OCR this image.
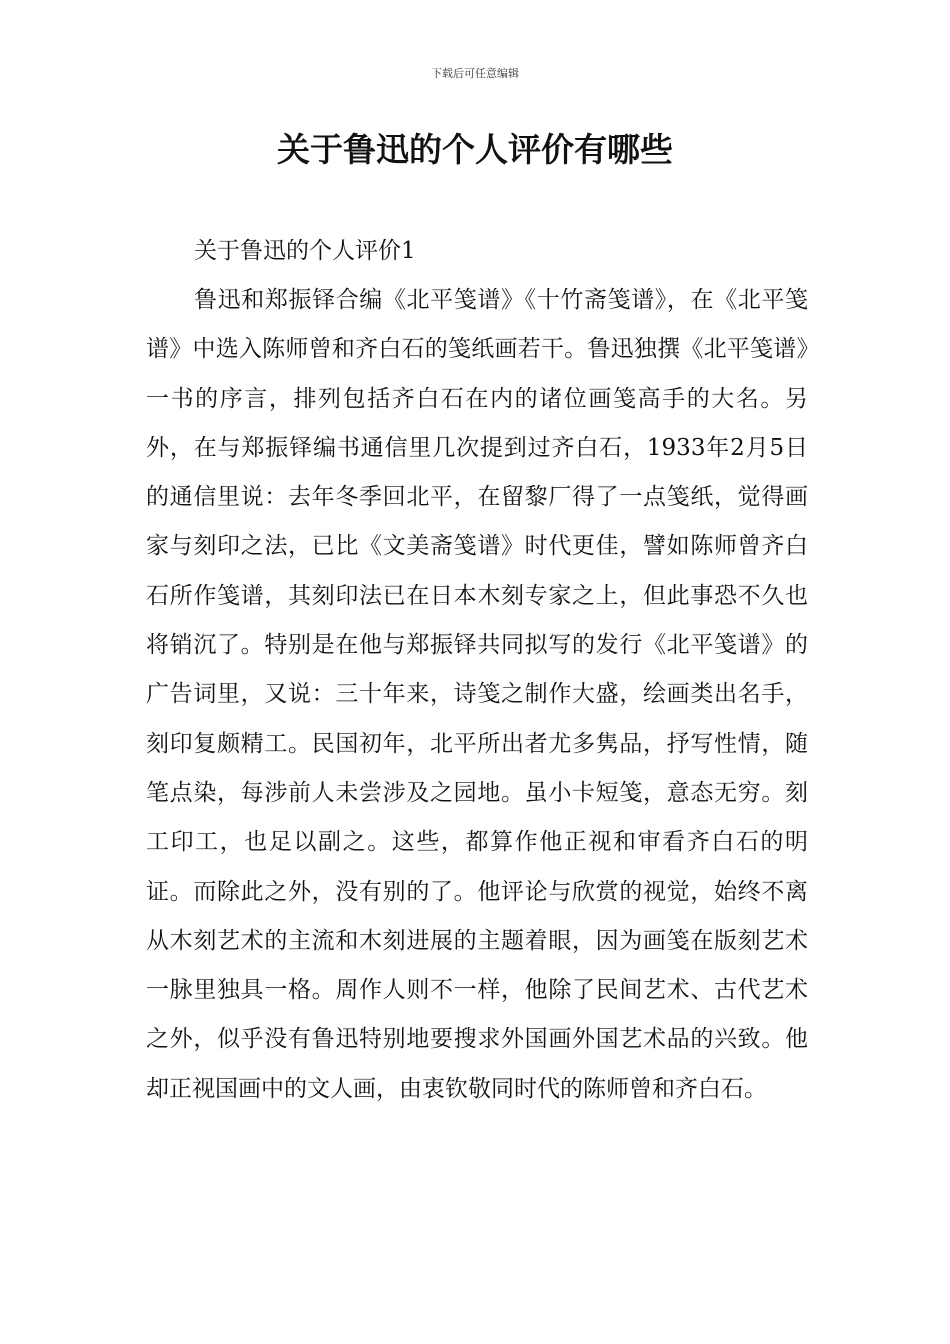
下载后可任意编辑
关于鲁迅的个人评价有哪些

关于鲁迅的个人评价1

鲁迅和郑振铎合编《北平笺谱》《十竹斋笺谱》，在《北平笺谱》中选入陈师曾和齐白石的笺纸画若干。鲁迅独撰《北平笺谱》一书的序言，排列包括齐白石在内的诸位画笺高手的大名。另外，在与郑振铎编书通信里几次提到过齐白石，1933年2月5日的通信里说：去年冬季回北平，在留黎厂得了一点笺纸，觉得画家与刻印之法，已比《文美斋笺谱》时代更佳，譬如陈师曾齐白石所作笺谱，其刻印法已在日本木刻专家之上，但此事恐不久也将销沉了。特别是在他与郑振铎共同拟写的发行《北平笺谱》的广告词里，又说：三十年来，诗笺之制作大盛，绘画类出名手，刻印复颇精工。民国初年，北平所出者尤多隽品，抒写性情，随笔点染，每涉前人未尝涉及之园地。虽小卡短笺，意态无穷。刻工印工，也足以副之。这些，都算作他正视和审看齐白石的明证。而除此之外，没有别的了。他评论与欣赏的视觉，始终不离从木刻艺术的主流和木刻进展的主题着眼，因为画笺在版刻艺术一脉里独具一格。周作人则不一样，他除了民间艺术、古代艺术之外，似乎没有鲁迅特别地要搜求外国画外国艺术品的兴致。他却正视国画中的文人画，由衷钦敬同时代的陈师曾和齐白石。
